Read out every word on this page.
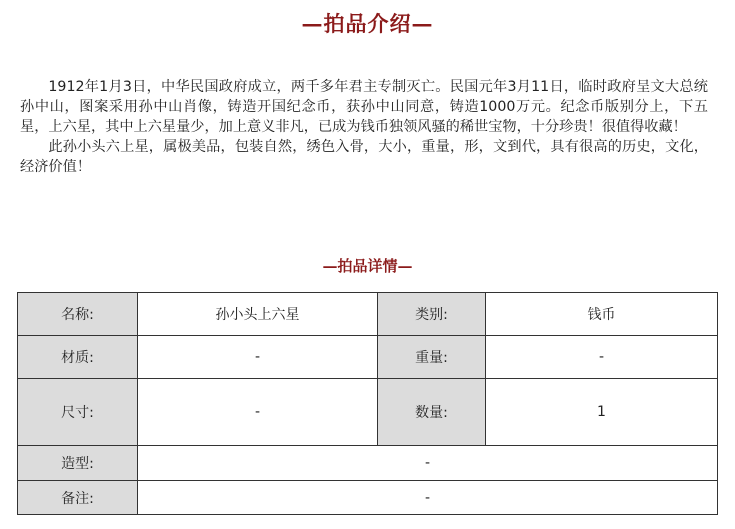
—拍品介绍—

1912年1月3日，中华民国政府成立，两千多年君主专制灭亡。民国元年3月11日，临时政府呈文大总统孙中山，图案采用孙中山肖像，铸造开国纪念币，获孙中山同意，铸造1000万元。纪念币版别分上，下五星，上六星，其中上六星量少，加上意义非凡，已成为钱币独领风骚的稀世宝物，十分珍贵！很值得收藏！

此孙小头六上星，属极美品，包装自然，绣色入骨，大小，重量，形，文到代，具有很高的历史，文化，经济价值！

—拍品详情—
名称:	孙小头上六星	类别:	钱币
材质:	-	重量:	-
尺寸:	-	数量:	1
造型:	-		
备注:	-		
